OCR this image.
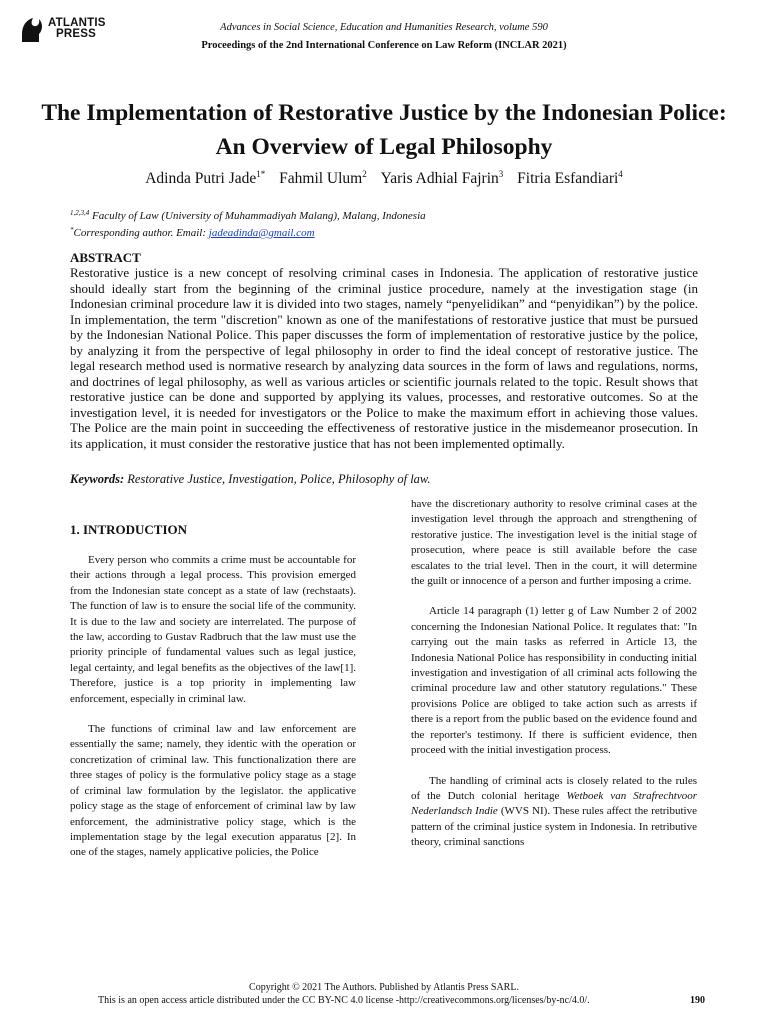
ATLANTIS
PRESS
Advances in Social Science, Education and Humanities Research, volume 590
Proceedings of the 2nd International Conference on Law Reform (INCLAR 2021)
The Implementation of Restorative Justice by the Indonesian Police: An Overview of Legal Philosophy
Adinda Putri Jade$^{1*}$ Fahmil Ulum$^2$ Yaris Adhial Fajrin$^3$ Fitria Esfandiari$^4$
$^{1,2,3,4}$ Faculty of Law (University of Muhammadiyah Malang), Malang, Indonesia
*Corresponding author. Email: jadeadinda@gmail.com
ABSTRACT

Restorative justice is a new concept of resolving criminal cases in Indonesia. The application of restorative justice should ideally start from the beginning of the criminal justice procedure, namely at the investigation stage (in Indonesian criminal procedure law it is divided into two stages, namely “penyelidikan” and “penyidikan”) by the police. In implementation, the term "discretion" known as one of the manifestations of restorative justice that must be pursued by the Indonesian National Police. This paper discusses the form of implementation of restorative justice by the police, by analyzing it from the perspective of legal philosophy in order to find the ideal concept of restorative justice. The legal research method used is normative research by analyzing data sources in the form of laws and regulations, norms, and doctrines of legal philosophy, as well as various articles or scientific journals related to the topic. Result shows that restorative justice can be done and supported by applying its values, processes, and restorative outcomes. So at the investigation level, it is needed for investigators or the Police to make the maximum effort in achieving those values. The Police are the main point in succeeding the effectiveness of restorative justice in the misdemeanor prosecution. In its application, it must consider the restorative justice that has not been implemented optimally.

Keywords: Restorative Justice, Investigation, Police, Philosophy of law.
1. INTRODUCTION

Every person who commits a crime must be accountable for their actions through a legal process. This provision emerged from the Indonesian state concept as a state of law (rechstaats). The function of law is to ensure the social life of the community. It is due to the law and society are interrelated. The purpose of the law, according to Gustav Radbruch that the law must use the priority principle of fundamental values such as legal justice, legal certainty, and legal benefits as the objectives of the law[1]. Therefore, justice is a top priority in implementing law enforcement, especially in criminal law.

The functions of criminal law and law enforcement are essentially the same; namely, they identic with the operation or concretization of criminal law. This functionalization there are three stages of policy is the formulative policy stage as a stage of criminal law formulation by the legislator. the applicative policy stage as the stage of enforcement of criminal law by law enforcement, the administrative policy stage, which is the implementation stage by the legal execution apparatus [2]. In one of the stages, namely applicative policies, the Police

have the discretionary authority to resolve criminal cases at the investigation level through the approach and strengthening of restorative justice. The investigation level is the initial stage of prosecution, where peace is still available before the case escalates to the trial level. Then in the court, it will determine the guilt or innocence of a person and further imposing a crime.

Article 14 paragraph (1) letter g of Law Number 2 of 2002 concerning the Indonesian National Police. It regulates that: "In carrying out the main tasks as referred in Article 13, the Indonesia National Police has responsibility in conducting initial investigation and investigation of all criminal acts following the criminal procedure law and other statutory regulations." These provisions Police are obliged to take action such as arrests if there is a report from the public based on the evidence found and the reporter's testimony. If there is sufficient evidence, then proceed with the initial investigation process.

The handling of criminal acts is closely related to the rules of the Dutch colonial heritage Wetboek van Strafrechtvoor Nederlandsch Indie (WVS NI). These rules affect the retributive pattern of the criminal justice system in Indonesia. In retributive theory, criminal sanctions

Copyright © 2021 The Authors. Published by Atlantis Press SARL.
This is an open access article distributed under the CC BY-NC 4.0 license -http://creativecommons.org/licenses/by-nc/4.0/.	190
